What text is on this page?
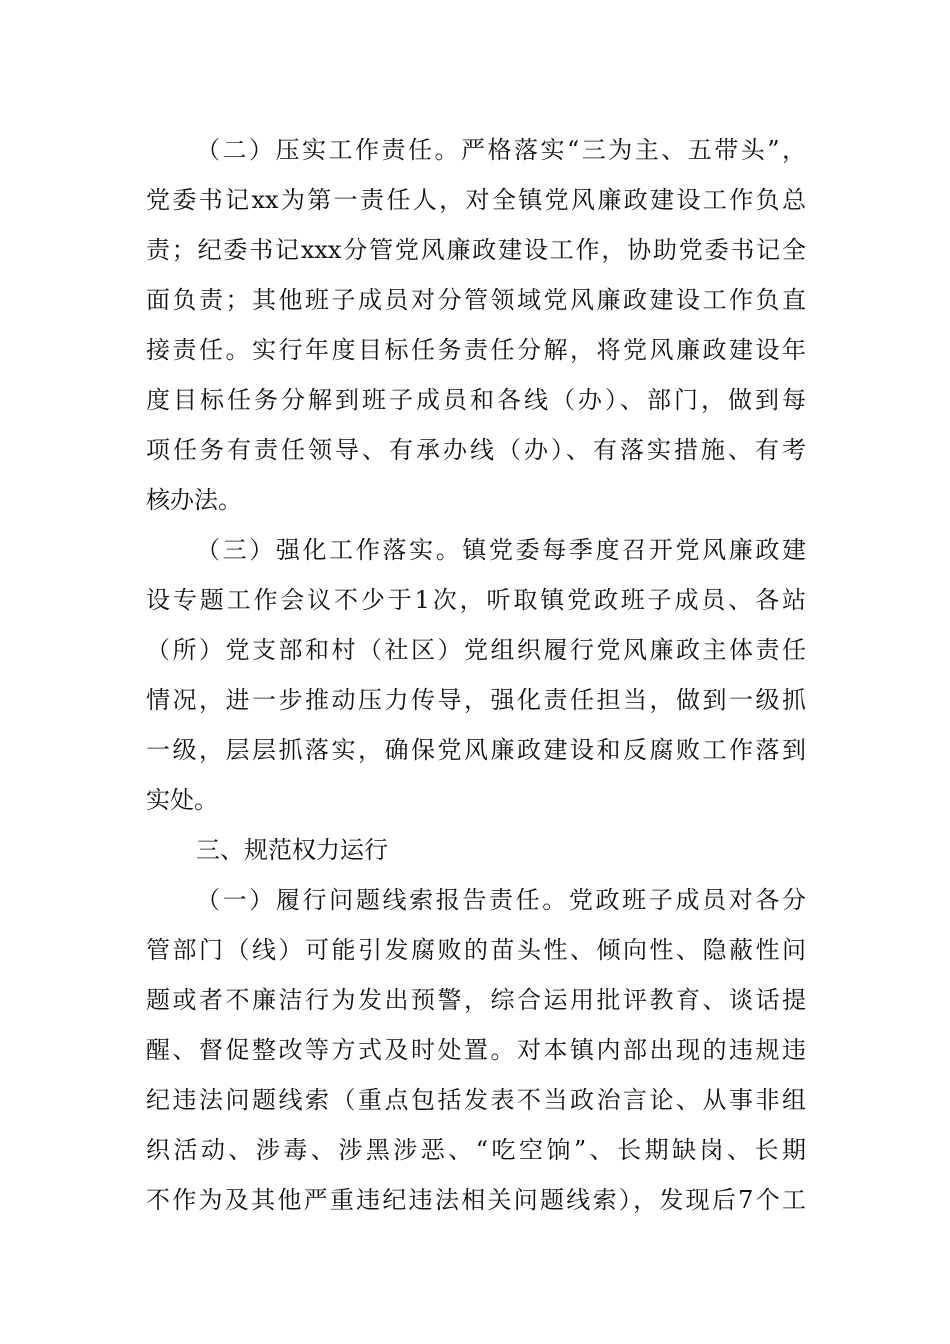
（二）压实工作责任。严格落实“三为主、五带头”，
党委书记xx为第一责任人，对全镇党风廉政建设工作负总
责；纪委书记xxx分管党风廉政建设工作，协助党委书记全
面负责；其他班子成员对分管领域党风廉政建设工作负直
接责任。实行年度目标任务责任分解，将党风廉政建设年
度目标任务分解到班子成员和各线（办）、部门，做到每
项任务有责任领导、有承办线（办）、有落实措施、有考
核办法。
（三）强化工作落实。镇党委每季度召开党风廉政建
设专题工作会议不少于1次，听取镇党政班子成员、各站
（所）党支部和村（社区）党组织履行党风廉政主体责任
情况，进一步推动压力传导，强化责任担当，做到一级抓
一级，层层抓落实，确保党风廉政建设和反腐败工作落到
实处。
三、规范权力运行
（一）履行问题线索报告责任。党政班子成员对各分
管部门（线）可能引发腐败的苗头性、倾向性、隐蔽性问
题或者不廉洁行为发出预警，综合运用批评教育、谈话提
醒、督促整改等方式及时处置。对本镇内部出现的违规违
纪违法问题线索（重点包括发表不当政治言论、从事非组
织活动、涉毒、涉黑涉恶、“吃空饷”、长期缺岗、长期
不作为及其他严重违纪违法相关问题线索），发现后7个工
